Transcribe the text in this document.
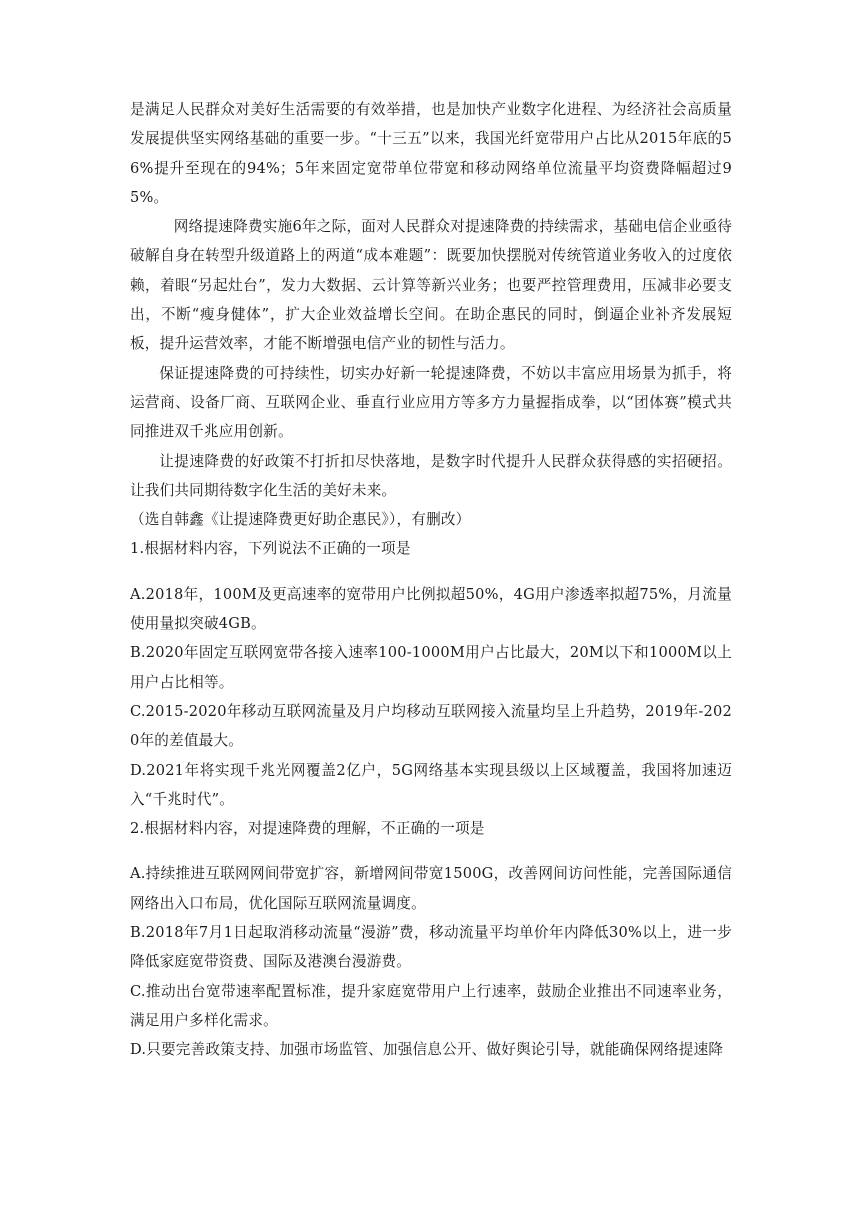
是满足人民群众对美好生活需要的有效举措，也是加快产业数字化进程、为经济社会高质量发展提供坚实网络基础的重要一步。“十三五”以来，我国光纤宽带用户占比从2015年底的56%提升至现在的94%；5年来固定宽带单位带宽和移动网络单位流量平均资费降幅超过95%。

网络提速降费实施6年之际，面对人民群众对提速降费的持续需求，基础电信企业亟待破解自身在转型升级道路上的两道“成本难题”：既要加快摆脱对传统管道业务收入的过度依赖，着眼“另起灶台”，发力大数据、云计算等新兴业务；也要严控管理费用，压减非必要支出，不断“瘦身健体”，扩大企业效益增长空间。在助企惠民的同时，倒逼企业补齐发展短板，提升运营效率，才能不断增强电信产业的韧性与活力。

保证提速降费的可持续性，切实办好新一轮提速降费，不妨以丰富应用场景为抓手，将运营商、设备厂商、互联网企业、垂直行业应用方等多方力量握指成拳，以“团体赛”模式共同推进双千兆应用创新。

让提速降费的好政策不打折扣尽快落地，是数字时代提升人民群众获得感的实招硬招。让我们共同期待数字化生活的美好未来。

（选自韩鑫《让提速降费更好助企惠民》），有删改）

1.根据材料内容，下列说法不正确的一项是

A.2018年，100M及更高速率的宽带用户比例拟超50%，4G用户渗透率拟超75%，月流量使用量拟突破4GB。

B.2020年固定互联网宽带各接入速率100-1000M用户占比最大，20M以下和1000M以上用户占比相等。

C.2015-2020年移动互联网流量及月户均移动互联网接入流量均呈上升趋势，2019年-2020年的差值最大。

D.2021年将实现千兆光网覆盖2亿户，5G网络基本实现县级以上区域覆盖，我国将加速迈入“千兆时代”。

2.根据材料内容，对提速降费的理解，不正确的一项是

A.持续推进互联网网间带宽扩容，新增网间带宽1500G，改善网间访问性能，完善国际通信网络出入口布局，优化国际互联网流量调度。

B.2018年7月1日起取消移动流量“漫游”费，移动流量平均单价年内降低30%以上，进一步降低家庭宽带资费、国际及港澳台漫游费。

C.推动出台宽带速率配置标准，提升家庭宽带用户上行速率，鼓励企业推出不同速率业务，满足用户多样化需求。

D.只要完善政策支持、加强市场监管、加强信息公开、做好舆论引导，就能确保网络提速降
